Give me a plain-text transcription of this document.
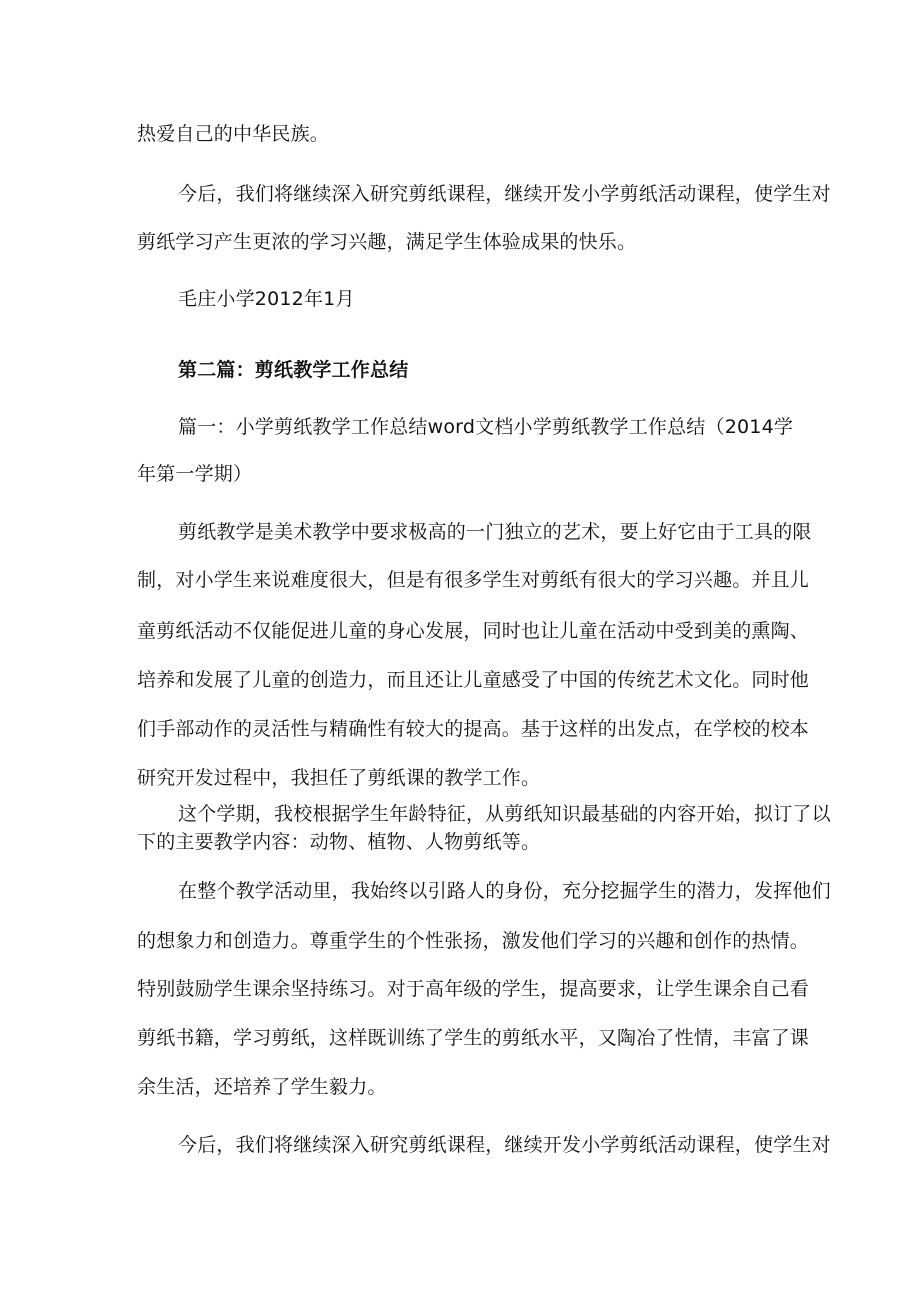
热爱自己的中华民族。
今后，我们将继续深入研究剪纸课程，继续开发小学剪纸活动课程，使学生对
剪纸学习产生更浓的学习兴趣，满足学生体验成果的快乐。
毛庄小学2012年1月
第二篇：剪纸教学工作总结
篇一：小学剪纸教学工作总结word文档小学剪纸教学工作总结（2014学
年第一学期）
剪纸教学是美术教学中要求极高的一门独立的艺术，要上好它由于工具的限
制，对小学生来说难度很大，但是有很多学生对剪纸有很大的学习兴趣。并且儿
童剪纸活动不仅能促进儿童的身心发展，同时也让儿童在活动中受到美的熏陶、
培养和发展了儿童的创造力，而且还让儿童感受了中国的传统艺术文化。同时他
们手部动作的灵活性与精确性有较大的提高。基于这样的出发点，在学校的校本
研究开发过程中，我担任了剪纸课的教学工作。
这个学期，我校根据学生年龄特征，从剪纸知识最基础的内容开始，拟订了以
下的主要教学内容：动物、植物、人物剪纸等。
在整个教学活动里，我始终以引路人的身份，充分挖掘学生的潜力，发挥他们
的想象力和创造力。尊重学生的个性张扬，激发他们学习的兴趣和创作的热情。
特别鼓励学生课余坚持练习。对于高年级的学生，提高要求，让学生课余自己看
剪纸书籍，学习剪纸，这样既训练了学生的剪纸水平，又陶冶了性情，丰富了课
余生活，还培养了学生毅力。
今后，我们将继续深入研究剪纸课程，继续开发小学剪纸活动课程，使学生对
